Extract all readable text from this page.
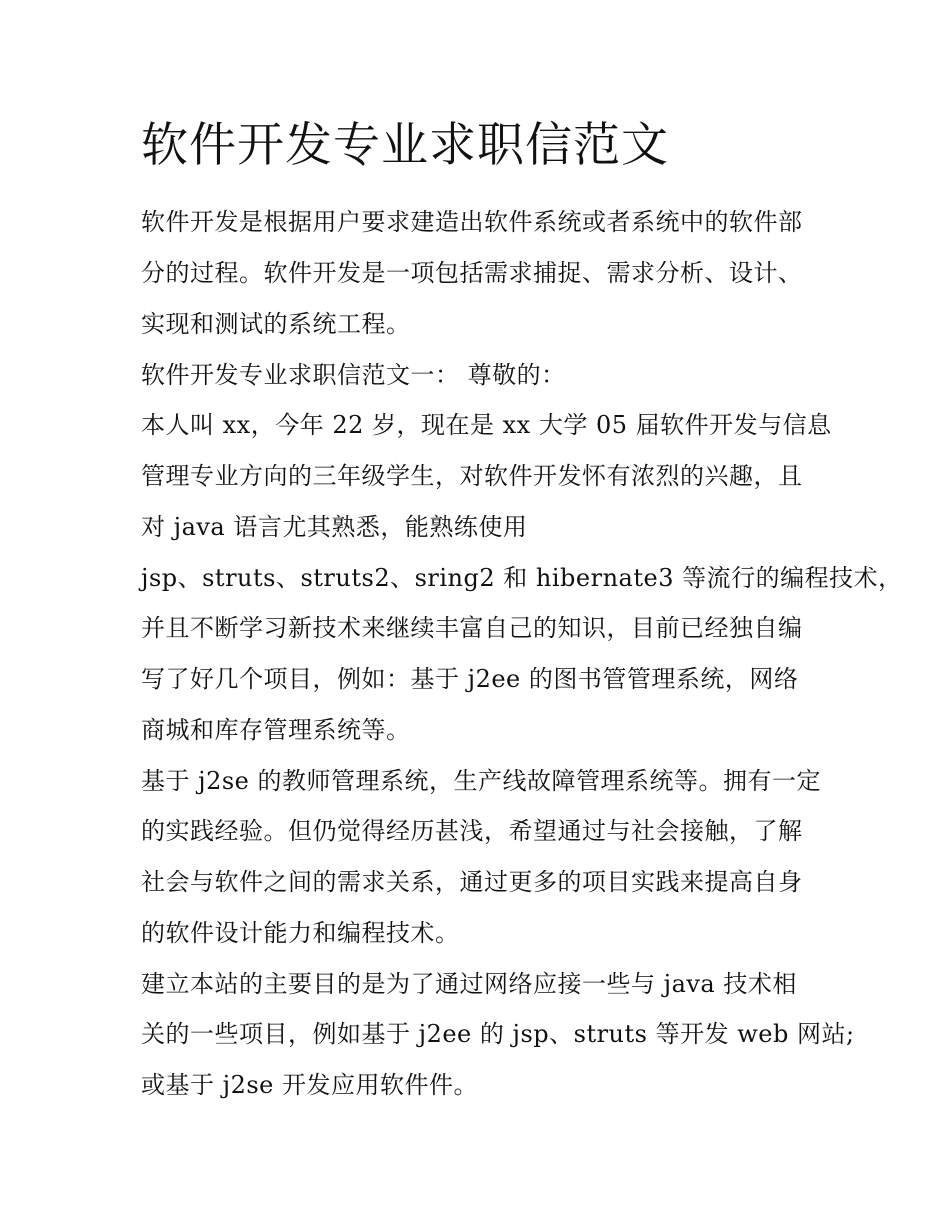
软件开发专业求职信范文

软件开发是根据用户要求建造出软件系统或者系统中的软件部

分的过程。软件开发是一项包括需求捕捉、需求分析、设计、

实现和测试的系统工程。

软件开发专业求职信范文一： 尊敬的：

本人叫 xx，今年 22 岁，现在是 xx 大学 05 届软件开发与信息

管理专业方向的三年级学生，对软件开发怀有浓烈的兴趣，且

对 java 语言尤其熟悉，能熟练使用

jsp、struts、struts2、sring2 和 hibernate3 等流行的编程技术，

并且不断学习新技术来继续丰富自己的知识，目前已经独自编

写了好几个项目，例如：基于 j2ee 的图书管管理系统，网络

商城和库存管理系统等。

基于 j2se 的教师管理系统，生产线故障管理系统等。拥有一定

的实践经验。但仍觉得经历甚浅，希望通过与社会接触，了解

社会与软件之间的需求关系，通过更多的项目实践来提高自身

的软件设计能力和编程技术。

建立本站的主要目的是为了通过网络应接一些与 java 技术相

关的一些项目，例如基于 j2ee 的 jsp、struts 等开发 web 网站;

或基于 j2se 开发应用软件件。
